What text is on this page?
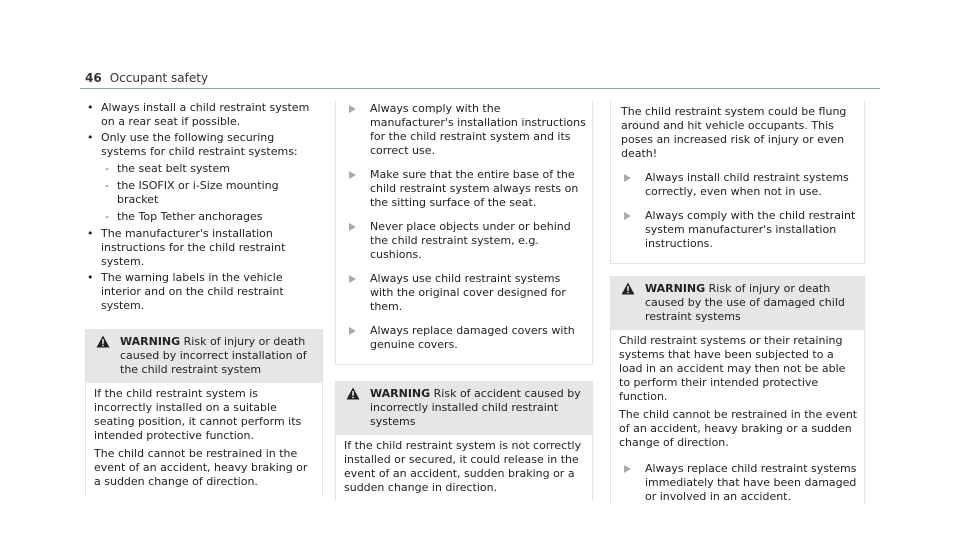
46 Occupant safety
• Always install a child restraint system on a rear seat if possible.
• Only use the following securing systems for child restraint systems:
- the seat belt system
- the ISOFIX or i-Size mounting bracket
- the Top Tether anchorages
• The manufacturer's installation instructions for the child restraint system.
• The warning labels in the vehicle interior and on the child restraint system.
WARNING Risk of injury or death caused by incorrect installation of the child restraint system

If the child restraint system is incorrectly installed on a suitable seating position, it cannot perform its intended protective function.

The child cannot be restrained in the event of an accident, heavy braking or a sudden change of direction.

Always comply with the manufacturer's installation instructions for the child restraint system and its correct use.
Make sure that the entire base of the child restraint system always rests on the sitting surface of the seat.
Never place objects under or behind the child restraint system, e.g. cushions.
Always use child restraint systems with the original cover designed for them.
Always replace damaged covers with genuine covers.
WARNING Risk of accident caused by incorrectly installed child restraint systems

If the child restraint system is not correctly installed or secured, it could release in the event of an accident, sudden braking or a sudden change in direction.

The child restraint system could be flung around and hit vehicle occupants. This poses an increased risk of injury or even death!

Always install child restraint systems correctly, even when not in use.
Always comply with the child restraint system manufacturer's installation instructions.
WARNING Risk of injury or death caused by the use of damaged child restraint systems

Child restraint systems or their retaining systems that have been subjected to a load in an accident may then not be able to perform their intended protective function.

The child cannot be restrained in the event of an accident, heavy braking or a sudden change of direction.

Always replace child restraint systems immediately that have been damaged or involved in an accident.
